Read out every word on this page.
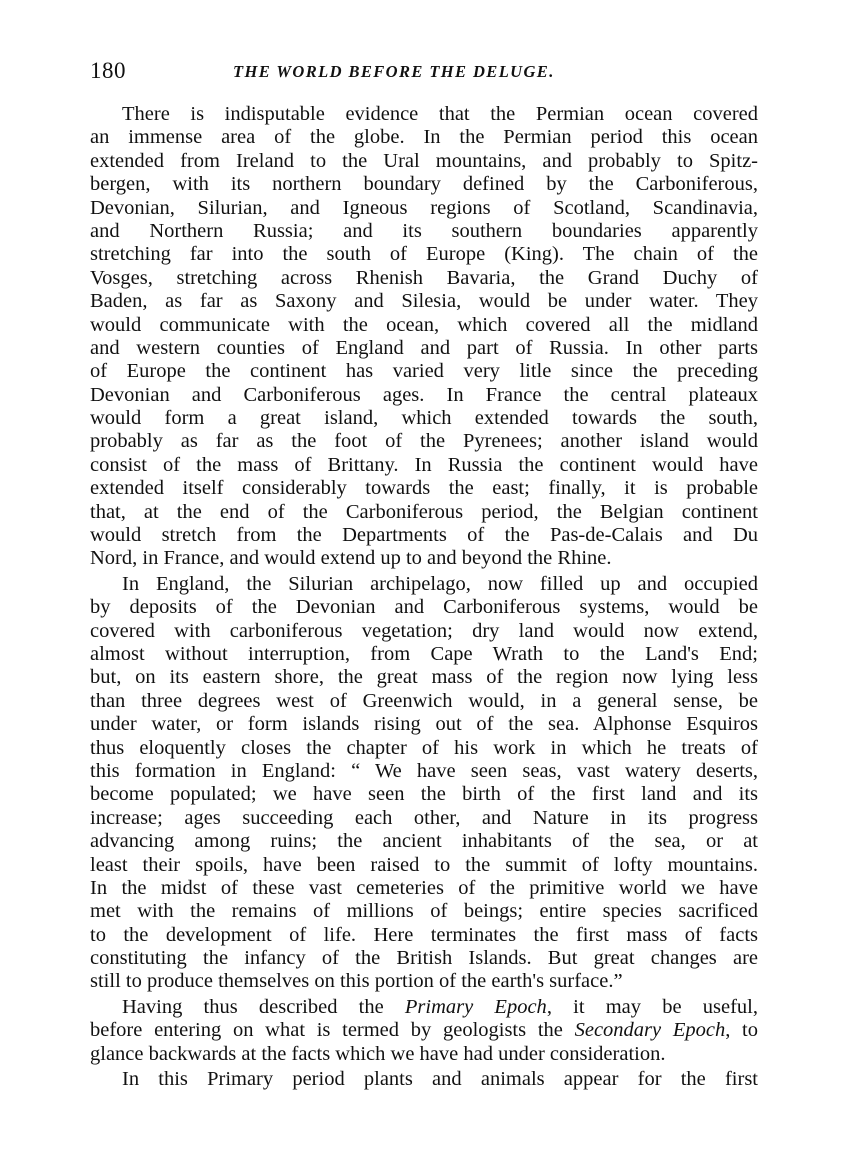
180	THE WORLD BEFORE THE DELUGE.
There is indisputable evidence that the Permian ocean covered
an immense area of the globe. In the Permian period this ocean
extended from Ireland to the Ural mountains, and probably to Spitz-
bergen, with its northern boundary defined by the Carboniferous,
Devonian, Silurian, and Igneous regions of Scotland, Scandinavia,
and Northern Russia; and its southern boundaries apparently
stretching far into the south of Europe (King). The chain of the
Vosges, stretching across Rhenish Bavaria, the Grand Duchy of
Baden, as far as Saxony and Silesia, would be under water. They
would communicate with the ocean, which covered all the midland
and western counties of England and part of Russia. In other parts
of Europe the continent has varied very litle since the preceding
Devonian and Carboniferous ages. In France the central plateaux
would form a great island, which extended towards the south,
probably as far as the foot of the Pyrenees; another island would
consist of the mass of Brittany. In Russia the continent would have
extended itself considerably towards the east; finally, it is probable
that, at the end of the Carboniferous period, the Belgian continent
would stretch from the Departments of the Pas-de-Calais and Du
Nord, in France, and would extend up to and beyond the Rhine.
In England, the Silurian archipelago, now filled up and occupied
by deposits of the Devonian and Carboniferous systems, would be
covered with carboniferous vegetation; dry land would now extend,
almost without interruption, from Cape Wrath to the Land's End;
but, on its eastern shore, the great mass of the region now lying less
than three degrees west of Greenwich would, in a general sense, be
under water, or form islands rising out of the sea. Alphonse Esquiros
thus eloquently closes the chapter of his work in which he treats of
this formation in England: “ We have seen seas, vast watery deserts,
become populated; we have seen the birth of the first land and its
increase; ages succeeding each other, and Nature in its progress
advancing among ruins; the ancient inhabitants of the sea, or at
least their spoils, have been raised to the summit of lofty mountains.
In the midst of these vast cemeteries of the primitive world we have
met with the remains of millions of beings; entire species sacrificed
to the development of life. Here terminates the first mass of facts
constituting the infancy of the British Islands. But great changes are
still to produce themselves on this portion of the earth's surface.”
Having thus described the Primary Epoch, it may be useful,
before entering on what is termed by geologists the Secondary Epoch, to
glance backwards at the facts which we have had under consideration.
In this Primary period plants and animals appear for the first
